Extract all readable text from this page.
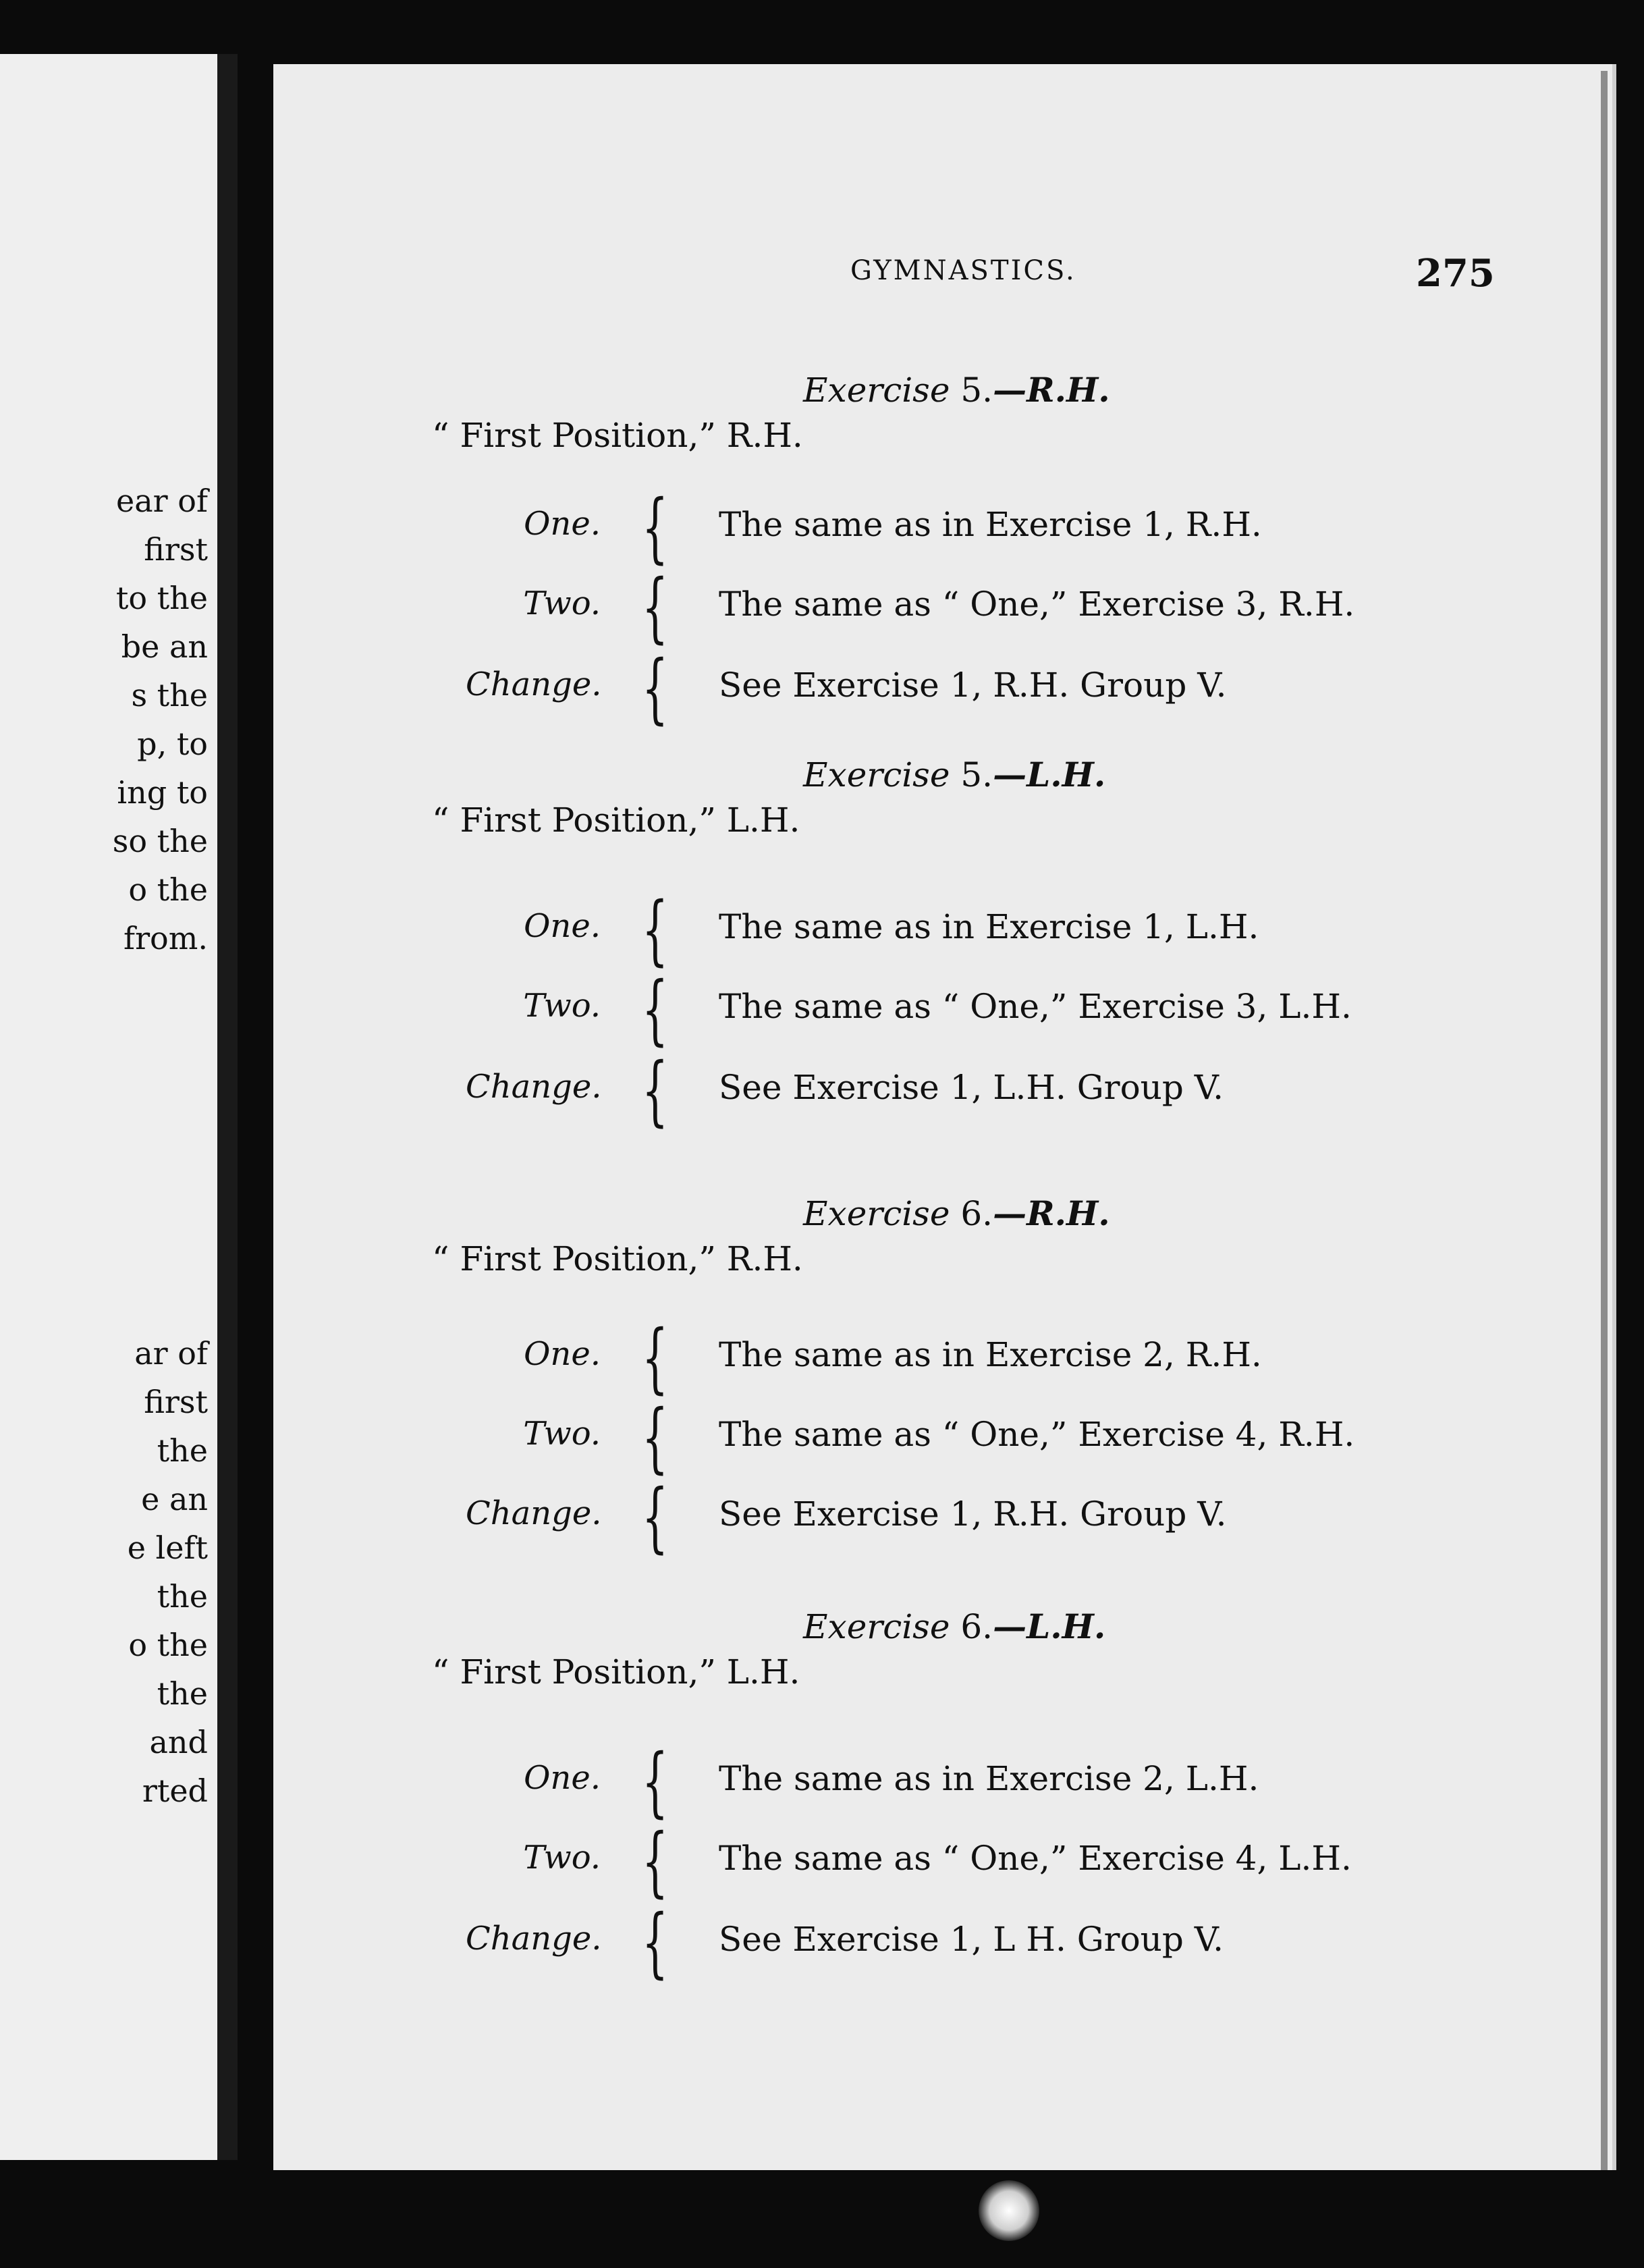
ear of
first
to the
be an
s the
p, to
ing to
so the
o the
from.
ar of
first
the
e an
e left
the
o the
the
and
rted
GYMNASTICS.	275
Exercise 5.—R.H.
“ First Position,” R.H.
One. { The same as in Exercise 1, R.H.
Two. { The same as “ One,” Exercise 3, R.H.
Change. { See Exercise 1, R.H. Group V.
Exercise 5.—L.H.
“ First Position,” L.H.
One. { The same as in Exercise 1, L.H.
Two. { The same as “ One,” Exercise 3, L.H.
Change. { See Exercise 1, L.H. Group V.
Exercise 6.—R.H.
“ First Position,” R.H.
One. { The same as in Exercise 2, R.H.
Two. { The same as “ One,” Exercise 4, R.H.
Change. { See Exercise 1, R.H. Group V.
Exercise 6.—L.H.
“ First Position,” L.H.
One. { The same as in Exercise 2, L.H.
Two. { The same as “ One,” Exercise 4, L.H.
Change. { See Exercise 1, L H. Group V.
